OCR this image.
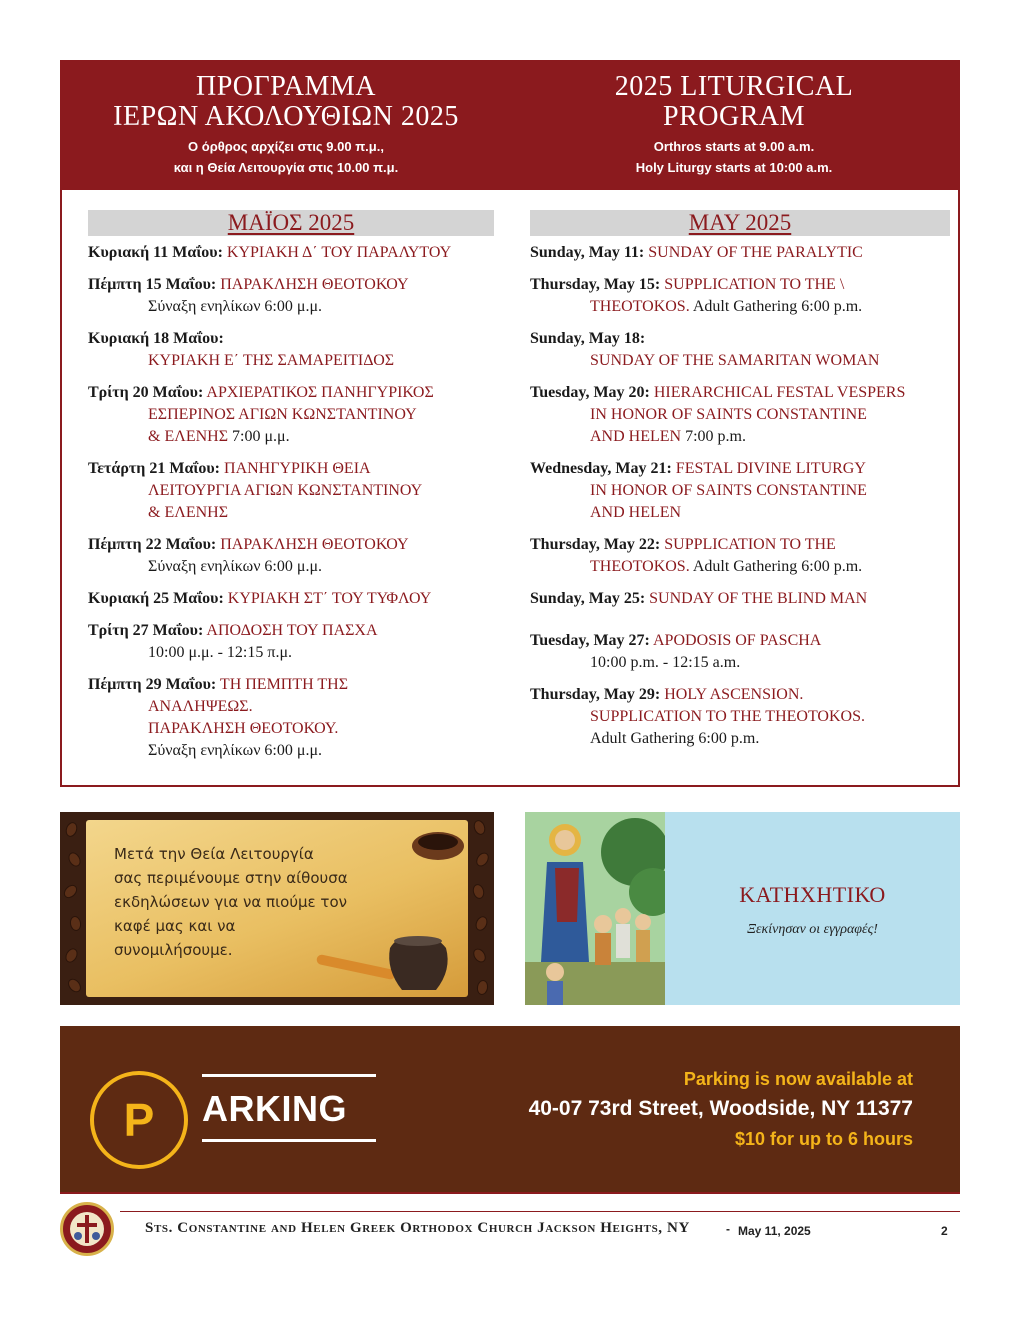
ΠΡΟΓΡΑΜΜΑ
ΙΕΡΩΝ ΑΚΟΛΟΥΘΙΩΝ 2025
Ο όρθρος αρχίζει στις 9.00 π.μ.,
και η Θεία Λειτουργία στις 10.00 π.μ.
2025 LITURGICAL
PROGRAM
Orthros starts at 9.00 a.m.
Holy Liturgy starts at 10:00 a.m.
ΜΑΪΟΣ 2025	MAY 2025
Κυριακή 11 Μαΐου: ΚΥΡΙΑΚΗ Δ΄ ΤΟΥ ΠΑΡΑΛΥΤΟΥ
Πέμπτη 15 Μαΐου: ΠΑΡΑΚΛΗΣΗ ΘΕΟΤΟΚΟΥ
Σύναξη ενηλίκων 6:00 μ.μ.
Κυριακή 18 Μαΐου:
ΚΥΡΙΑΚΗ Ε΄ ΤΗΣ ΣΑΜΑΡΕΙΤΙΔΟΣ
Τρίτη 20 Μαΐου: ΑΡΧΙΕΡΑΤΙΚΟΣ ΠΑΝΗΓΥΡΙΚΟΣ
ΕΣΠΕΡΙΝΟΣ ΑΓΙΩΝ ΚΩΝΣΤΑΝΤΙΝΟΥ
& ΕΛΕΝΗΣ 7:00 μ.μ.
Τετάρτη 21 Μαΐου: ΠΑΝΗΓΥΡΙΚΗ ΘΕΙΑ
ΛΕΙΤΟΥΡΓΙΑ ΑΓΙΩΝ ΚΩΝΣΤΑΝΤΙΝΟΥ
& ΕΛΕΝΗΣ
Πέμπτη 22 Μαΐου: ΠΑΡΑΚΛΗΣΗ ΘΕΟΤΟΚΟΥ
Σύναξη ενηλίκων 6:00 μ.μ.
Κυριακή 25 Μαΐου: ΚΥΡΙΑΚΗ ΣΤ΄ ΤΟΥ ΤΥΦΛΟΥ
Τρίτη 27 Μαΐου: ΑΠΟΔΟΣΗ ΤΟΥ ΠΑΣΧΑ
10:00 μ.μ. - 12:15 π.μ.
Πέμπτη 29 Μαΐου: ΤΗ ΠΕΜΠΤΗ ΤΗΣ
ΑΝΑΛΗΨΕΩΣ.
ΠΑΡΑΚΛΗΣΗ ΘΕΟΤΟΚΟΥ.
Σύναξη ενηλίκων 6:00 μ.μ.
Sunday, May 11: SUNDAY OF THE PARALYTIC
Thursday, May 15: SUPPLICATION TO THE \
THEOTOKOS. Adult Gathering 6:00 p.m.
Sunday, May 18:
SUNDAY OF THE SAMARITAN WOMAN
Tuesday, May 20: HIERARCHICAL FESTAL VESPERS
IN HONOR OF SAINTS CONSTANTINE
AND HELEN 7:00 p.m.
Wednesday, May 21: FESTAL DIVINE LITURGY
IN HONOR OF SAINTS CONSTANTINE
AND HELEN
Thursday, May 22: SUPPLICATION TO THE
THEOTOKOS. Adult Gathering 6:00 p.m.
Sunday, May 25: SUNDAY OF THE BLIND MAN
Tuesday, May 27: APODOSIS OF PASCHA
10:00 p.m. - 12:15 a.m.
Thursday, May 29: HOLY ASCENSION.
SUPPLICATION TO THE THEOTOKOS.
Adult Gathering 6:00 p.m.
Μετά την Θεία Λειτουργία
σας περιμένουμε στην αίθουσα
εκδηλώσεων για να πιούμε τον
καφέ μας και να
συνομιλήσουμε.
ΚΑΤΗΧΗΤΙΚΟ
Ξεκίνησαν οι εγγραφές!
P	ARKING
Parking is now available at
40-07 73rd Street, Woodside, NY 11377
$10 for up to 6 hours
Sts. Constantine and Helen Greek Orthodox Church Jackson Heights, NY	- May 11, 2025	2
